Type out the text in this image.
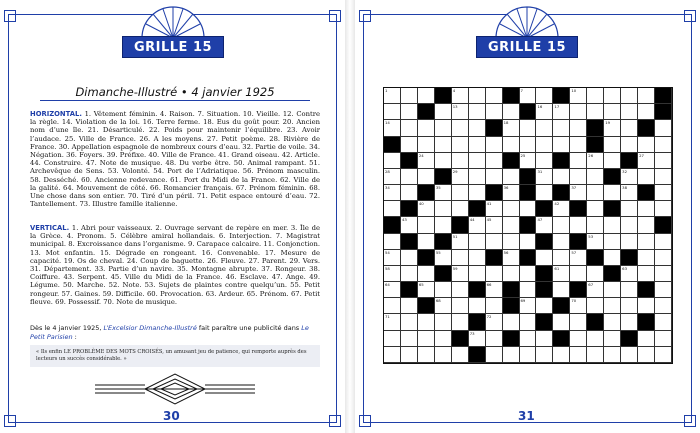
GRILLE 15
Dimanche-Illustré • 4 janvier 1925
HORIZONTAL. 1. Vêtement féminin. 4. Raison. 7. Situation. 10. Vieille. 12. Contre la règle. 14. Violation de la loi. 16. Terre ferme. 18. Eus du goût pour. 20. Ancien nom d’une île. 21. Désarticulé. 22. Poids pour maintenir l’équilibre. 23. Avoir l’audace. 25. Ville de France. 26. A les moyens. 27. Petit poème. 28. Rivière de France. 30. Appellation espagnole de nombreux cours d’eau. 32. Partie de voile. 34. Négation. 36. Foyers. 39. Préfixe. 40. Ville de France. 41. Grand oiseau. 42. Article. 44. Construire. 47. Note de musique. 48. Du verbe être. 50. Animal rampant. 51. Archevêque de Sens. 53. Volonté. 54. Port de l’Adriatique. 56. Prénom masculin. 58. Desséché. 60. Ancienne redevance. 61. Port du Midi de la France. 62. Ville de la galité. 64. Mouvement de côté. 66. Romancier français. 67. Prénom féminin. 68. Une chose dans son entier. 70. Tiré d’un péril. 71. Petit espace entouré d’eau. 72. Tantellement. 73. Illustre famille italienne.
VERTICAL. 1. Abri pour vaisseaux. 2. Ouvrage servant de repère en mer. 3. Île de la Grèce. 4. Pronom. 5. Célèbre amiral hollandais. 6. Interjection. 7. Magistrat municipal. 8. Excroissance dans l’organisme. 9. Carapace calcaire. 11. Conjonction. 13. Mot enfantin. 15. Dégrade en rongeant. 16. Convenable. 17. Mesure de capacité. 19. Os de cheval. 24. Coup de baguette. 26. Fleuve. 27. Parent. 29. Vers. 31. Département. 33. Partie d’un navire. 35. Montagne abrupte. 37. Rongeur. 38. Coiffure. 43. Serpent. 45. Ville du Midi de la France. 46. Esclave. 47. Ange. 49. Légume. 50. Marche. 52. Note. 53. Sujets de plaintes contre quelqu’un. 55. Petit rongeur. 57. Gaines. 59. Difficile. 60. Provocation. 63. Ardeur. 65. Prénom. 67. Petit fleuve. 69. Possessif. 70. Note de musique.
Dès le 4 janvier 1925, L’Excelsior Dimanche-Illustré fait paraître une publicité dans Le Petit Parisien :
« Ils enfin LE PROBLÈME DES MOTS CROISÉS, un amusant jeu de patience, qui remporte auprès des lecteurs un succès considérable. »
30
GRILLE 15
31
1	4	7	10
13	16	17
14	18	19
24	25	26	27
28	29	31	32
34	35	36	37	38
40	41	42
43	44	45	47
51	53
54	55	56	57
58	59	61	63
64	65	66	67
68	69	70
71	72
73
